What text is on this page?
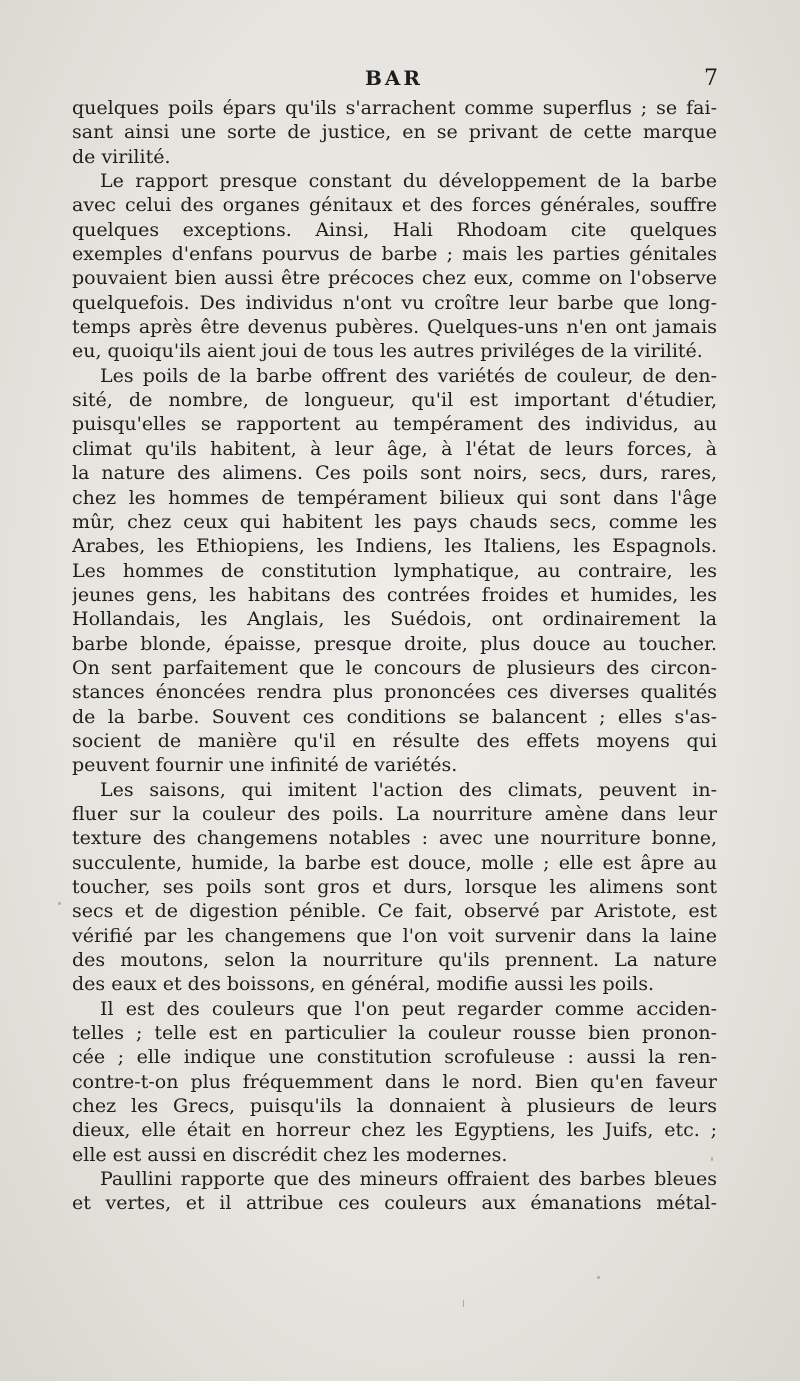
BAR	7
quelques poils épars qu'ils s'arrachent comme superflus ; se fai-
sant ainsi une sorte de justice, en se privant de cette marque
de virilité.
Le rapport presque constant du développement de la barbe
avec celui des organes génitaux et des forces générales, souffre
quelques exceptions. Ainsi, Hali Rhodoam cite quelques
exemples d'enfans pourvus de barbe ; mais les parties génitales
pouvaient bien aussi être précoces chez eux, comme on l'observe
quelquefois. Des individus n'ont vu croître leur barbe que long-
temps après être devenus pubères. Quelques-uns n'en ont jamais
eu, quoiqu'ils aient joui de tous les autres priviléges de la virilité.
Les poils de la barbe offrent des variétés de couleur, de den-
sité, de nombre, de longueur, qu'il est important d'étudier,
puisqu'elles se rapportent au tempérament des individus, au
climat qu'ils habitent, à leur âge, à l'état de leurs forces, à
la nature des alimens. Ces poils sont noirs, secs, durs, rares,
chez les hommes de tempérament bilieux qui sont dans l'âge
mûr, chez ceux qui habitent les pays chauds secs, comme les
Arabes, les Ethiopiens, les Indiens, les Italiens, les Espagnols.
Les hommes de constitution lymphatique, au contraire, les
jeunes gens, les habitans des contrées froides et humides, les
Hollandais, les Anglais, les Suédois, ont ordinairement la
barbe blonde, épaisse, presque droite, plus douce au toucher.
On sent parfaitement que le concours de plusieurs des circon-
stances énoncées rendra plus prononcées ces diverses qualités
de la barbe. Souvent ces conditions se balancent ; elles s'as-
socient de manière qu'il en résulte des effets moyens qui
peuvent fournir une infinité de variétés.
Les saisons, qui imitent l'action des climats, peuvent in-
fluer sur la couleur des poils. La nourriture amène dans leur
texture des changemens notables : avec une nourriture bonne,
succulente, humide, la barbe est douce, molle ; elle est âpre au
toucher, ses poils sont gros et durs, lorsque les alimens sont
secs et de digestion pénible. Ce fait, observé par Aristote, est
vérifié par les changemens que l'on voit survenir dans la laine
des moutons, selon la nourriture qu'ils prennent. La nature
des eaux et des boissons, en général, modifie aussi les poils.
Il est des couleurs que l'on peut regarder comme acciden-
telles ; telle est en particulier la couleur rousse bien pronon-
cée ; elle indique une constitution scrofuleuse : aussi la ren-
contre-t-on plus fréquemment dans le nord. Bien qu'en faveur
chez les Grecs, puisqu'ils la donnaient à plusieurs de leurs
dieux, elle était en horreur chez les Egyptiens, les Juifs, etc. ;
elle est aussi en discrédit chez les modernes.
Paullini rapporte que des mineurs offraient des barbes bleues
et vertes, et il attribue ces couleurs aux émanations métal-
